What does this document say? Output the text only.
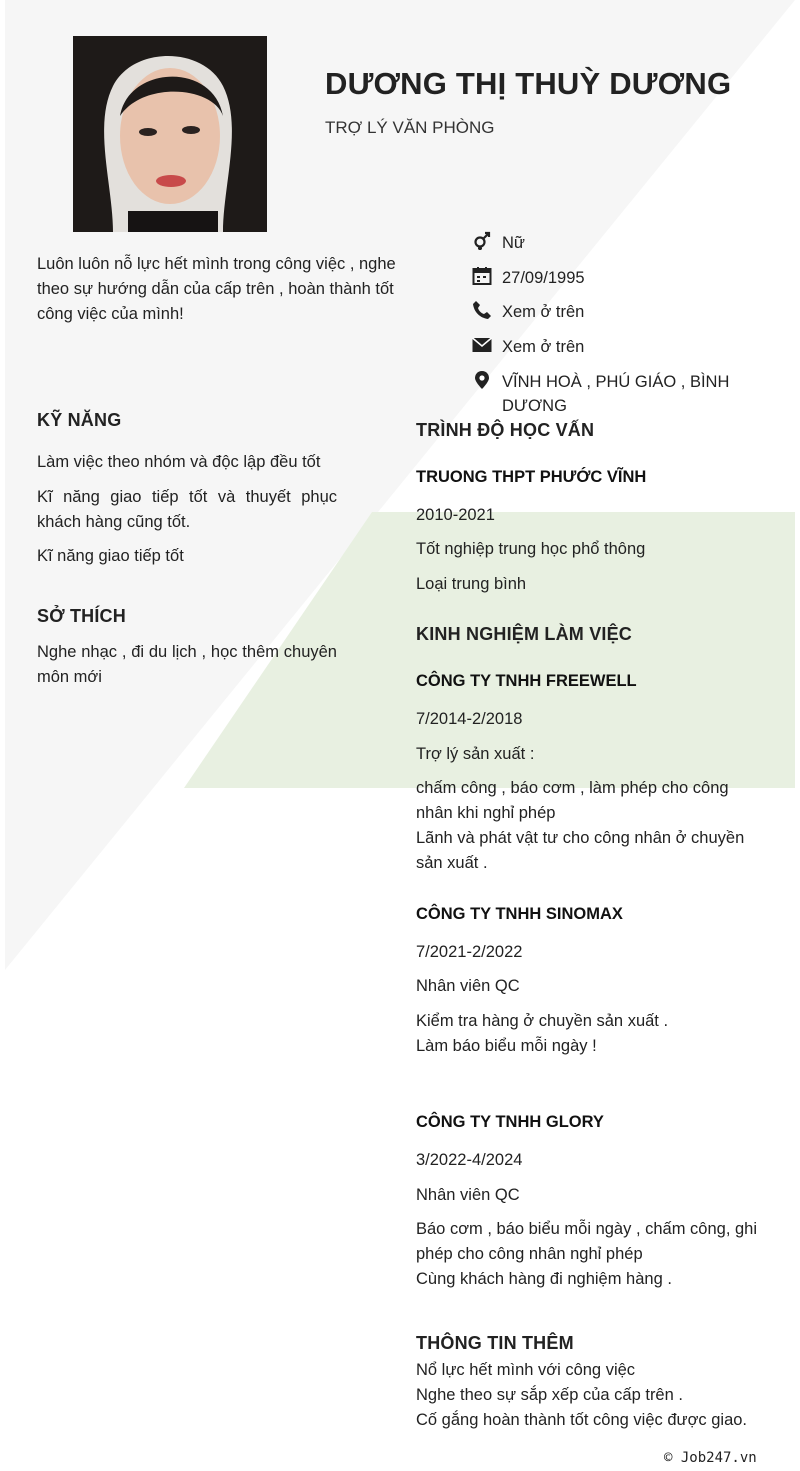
DƯƠNG THỊ THUỲ DƯƠNG
TRỢ LÝ VĂN PHÒNG
Luôn luôn nỗ lực hết mình trong công việc , nghe theo sự hướng dẫn của cấp trên , hoàn thành tốt công việc của mình!
Nữ
27/09/1995
Xem ở trên
Xem ở trên
VĨNH HOÀ , PHÚ GIÁO , BÌNH
DƯƠNG
KỸ NĂNG
Làm việc theo nhóm và độc lập đều tốt
Kĩ năng giao tiếp tốt và thuyết phục khách hàng cũng tốt.
Kĩ năng giao tiếp tốt
SỞ THÍCH
Nghe nhạc , đi du lịch , học thêm chuyên môn mới
TRÌNH ĐỘ HỌC VẤN
TRUONG THPT PHƯỚC VĨNH
2010-2021
Tốt nghiệp trung học phổ thông
Loại trung bình
KINH NGHIỆM LÀM VIỆC
CÔNG TY TNHH FREEWELL
7/2014-2/2018
Trợ lý sản xuất :
chấm công , báo cơm , làm phép cho công nhân khi nghỉ phép
Lãnh và phát vật tư cho công nhân ở chuyền sản xuất .
CÔNG TY TNHH SINOMAX
7/2021-2/2022
Nhân viên QC
Kiểm tra hàng ở chuyền sản xuất .
Làm báo biểu mỗi ngày !
CÔNG TY TNHH GLORY
3/2022-4/2024
Nhân viên QC
Báo cơm , báo biểu mỗi ngày , chấm công, ghi phép cho công nhân nghỉ phép
Cùng khách hàng đi nghiệm hàng .
THÔNG TIN THÊM
Nổ lực hết mình với công việc
Nghe theo sự sắp xếp của cấp trên .
Cố gắng hoàn thành tốt công việc được giao.
© Job247.vn
